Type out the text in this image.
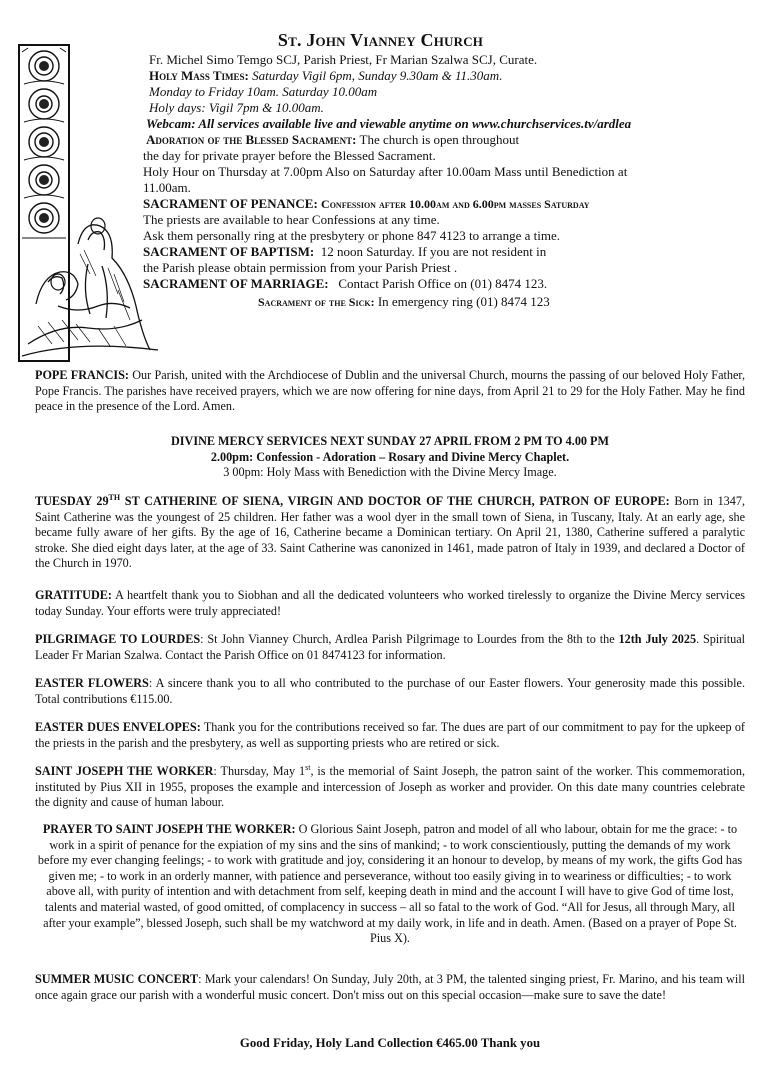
St. John Vianney Church
Fr. Michel Simo Temgo SCJ, Parish Priest, Fr Marian Szalwa SCJ, Curate.
Holy Mass Times: Saturday Vigil 6pm, Sunday 9.30am & 11.30am.
Monday to Friday 10am. Saturday 10.00am
Holy days: Vigil 7pm & 10.00am.
Webcam: All services available live and viewable anytime on www.churchservices.tv/ardlea
Adoration of the Blessed Sacrament: The church is open throughout
the day for private prayer before the Blessed Sacrament.
Holy Hour on Thursday at 7.00pm Also on Saturday after 10.00am Mass until Benediction at
11.00am.
SACRAMENT OF PENANCE: Confession after 10.00am and 6.00pm masses Saturday
The priests are available to hear Confessions at any time.
Ask them personally ring at the presbytery or phone 847 4123 to arrange a time.
SACRAMENT OF BAPTISM: 12 noon Saturday. If you are not resident in
the Parish please obtain permission from your Parish Priest .
SACRAMENT OF MARRIAGE: Contact Parish Office on (01) 8474 123.
Sacrament of the Sick: In emergency ring (01) 8474 123

POPE FRANCIS: Our Parish, united with the Archdiocese of Dublin and the universal Church, mourns the passing of our beloved Holy Father, Pope Francis. The parishes have received prayers, which we are now offering for nine days, from April 21 to 29 for the Holy Father. May he find peace in the presence of the Lord. Amen.

DIVINE MERCY SERVICES NEXT SUNDAY 27 APRIL FROM 2 PM TO 4.00 PM
2.00pm: Confession - Adoration – Rosary and Divine Mercy Chaplet.
3 00pm: Holy Mass with Benediction with the Divine Mercy Image.

TUESDAY 29TH ST CATHERINE OF SIENA, VIRGIN AND DOCTOR OF THE CHURCH, PATRON OF EUROPE: Born in 1347, Saint Catherine was the youngest of 25 children. Her father was a wool dyer in the small town of Siena, in Tuscany, Italy. At an early age, she became fully aware of her gifts. By the age of 16, Catherine became a Dominican tertiary. On April 21, 1380, Catherine suffered a paralytic stroke. She died eight days later, at the age of 33. Saint Catherine was canonized in 1461, made patron of Italy in 1939, and declared a Doctor of the Church in 1970.

GRATITUDE: A heartfelt thank you to Siobhan and all the dedicated volunteers who worked tirelessly to organize the Divine Mercy services today Sunday. Your efforts were truly appreciated!

PILGRIMAGE TO LOURDES: St John Vianney Church, Ardlea Parish Pilgrimage to Lourdes from the 8th to the 12th July 2025. Spiritual Leader Fr Marian Szalwa. Contact the Parish Office on 01 8474123 for information.

EASTER FLOWERS: A sincere thank you to all who contributed to the purchase of our Easter flowers. Your generosity made this possible. Total contributions €115.00.

EASTER DUES ENVELOPES: Thank you for the contributions received so far. The dues are part of our commitment to pay for the upkeep of the priests in the parish and the presbytery, as well as supporting priests who are retired or sick.

SAINT JOSEPH THE WORKER: Thursday, May 1st, is the memorial of Saint Joseph, the patron saint of the worker. This commemoration, instituted by Pius XII in 1955, proposes the example and intercession of Joseph as worker and provider. On this date many countries celebrate the dignity and cause of human labour.

PRAYER TO SAINT JOSEPH THE WORKER: O Glorious Saint Joseph, patron and model of all who labour, obtain for me the grace: - to work in a spirit of penance for the expiation of my sins and the sins of mankind; - to work conscientiously, putting the demands of my work before my ever changing feelings; - to work with gratitude and joy, considering it an honour to develop, by means of my work, the gifts God has given me; - to work in an orderly manner, with patience and perseverance, without too easily giving in to weariness or difficulties; - to work above all, with purity of intention and with detachment from self, keeping death in mind and the account I will have to give God of time lost, talents and material wasted, of good omitted, of complacency in success – all so fatal to the work of God. “All for Jesus, all through Mary, all after your example”, blessed Joseph, such shall be my watchword at my daily work, in life and in death. Amen. (Based on a prayer of Pope St. Pius X).

SUMMER MUSIC CONCERT: Mark your calendars! On Sunday, July 20th, at 3 PM, the talented singing priest, Fr. Marino, and his team will once again grace our parish with a wonderful music concert. Don't miss out on this special occasion—make sure to save the date!

Good Friday, Holy Land Collection €465.00 Thank you
